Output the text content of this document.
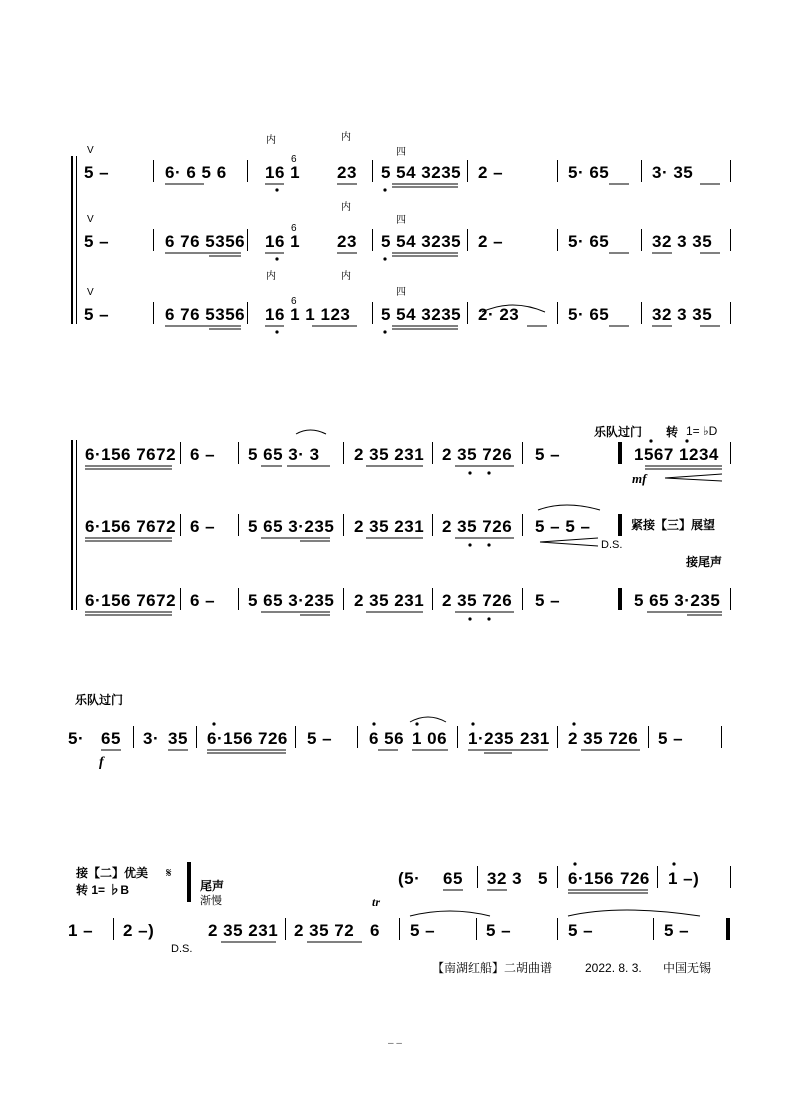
5 –	6· 6 5 6 16 1 23 5 54 3235 2 –	5· 65	3· 35
内	内
四
6
V
5 –	6 76 5356 16 1 23 5 54 3235 2 –	5· 65	32 3 35
内
四
6
V
5 –	6 76 5356 16 1 1 123 5 54 3235 2· 23	5· 65	32 3 35
内	内
四
6
V
乐队过门 转 1= ♭D
6·156 7672 6 – 5 65 3· 3 2 35 231 2 35 726 5 –	1567 1234
mf
6·156 7672 6 – 5 65 3·235 2 35 231 2 35 726 5 – 5 –	紧接【三】展望
D.S.
接尾声
6·156 7672 6 – 5 65 3·235 2 35 231 2 35 726 5 –	5 65 3·235
乐队过门
5· 65
f
3· 35 6·156 726 5 – 6 56 1 06 1·235 231 2 35 726 5 –
接【二】优美 𝄋
转 1= ♭B	尾声
渐慢	tr
(5· 65 32 3 5 6·156 726 1 –)
1 – 2 –)
D.S.
2 35 231 2 35 72 6 5 –	5 –	5 –	5 –
【南湖红船】二胡曲谱	2022. 8. 3. 中国无锡
– –
